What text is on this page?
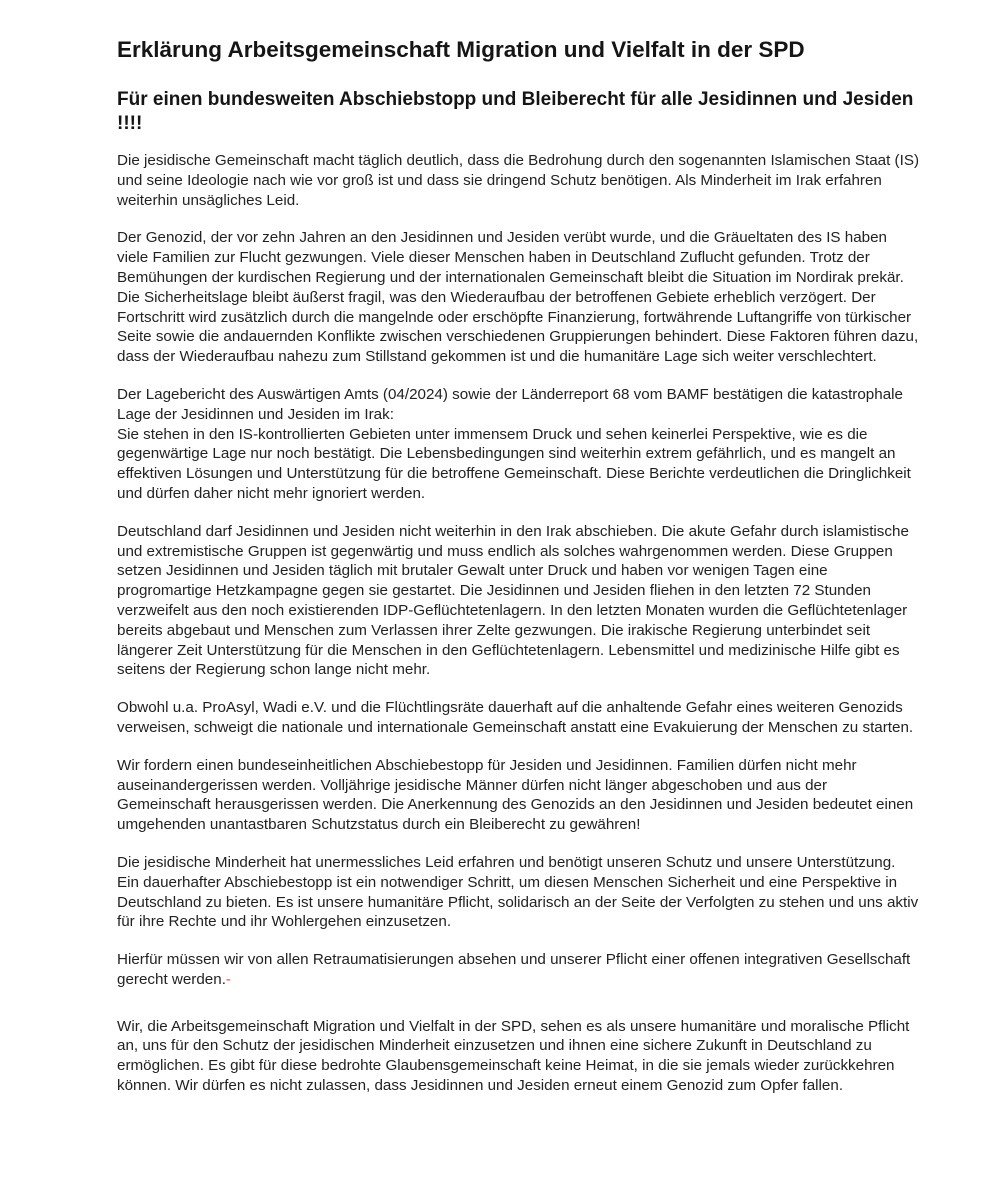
Erklärung Arbeitsgemeinschaft Migration und Vielfalt in der SPD
Für einen bundesweiten Abschiebstopp und Bleiberecht für alle Jesidinnen und Jesiden !!!!

Die jesidische Gemeinschaft macht täglich deutlich, dass die Bedrohung durch den sogenannten Islamischen Staat (IS) und seine Ideologie nach wie vor groß ist und dass sie dringend Schutz benötigen. Als Minderheit im Irak erfahren weiterhin unsägliches Leid.

Der Genozid, der vor zehn Jahren an den Jesidinnen und Jesiden verübt wurde, und die Gräueltaten des IS haben viele Familien zur Flucht gezwungen. Viele dieser Menschen haben in Deutschland Zuflucht gefunden. Trotz der Bemühungen der kurdischen Regierung und der internationalen Gemeinschaft bleibt die Situation im Nordirak prekär. Die Sicherheitslage bleibt äußerst fragil, was den Wiederaufbau der betroffenen Gebiete erheblich verzögert. Der Fortschritt wird zusätzlich durch die mangelnde oder erschöpfte Finanzierung, fortwährende Luftangriffe von türkischer Seite sowie die andauernden Konflikte zwischen verschiedenen Gruppierungen behindert. Diese Faktoren führen dazu, dass der Wiederaufbau nahezu zum Stillstand gekommen ist und die humanitäre Lage sich weiter verschlechtert.

Der Lagebericht des Auswärtigen Amts (04/2024) sowie der Länderreport 68 vom BAMF bestätigen die katastrophale Lage der Jesidinnen und Jesiden im Irak:
Sie stehen in den IS-kontrollierten Gebieten unter immensem Druck und sehen keinerlei Perspektive, wie es die gegenwärtige Lage nur noch bestätigt. Die Lebensbedingungen sind weiterhin extrem gefährlich, und es mangelt an effektiven Lösungen und Unterstützung für die betroffene Gemeinschaft. Diese Berichte verdeutlichen die Dringlichkeit und dürfen daher nicht mehr ignoriert werden.

Deutschland darf Jesidinnen und Jesiden nicht weiterhin in den Irak abschieben. Die akute Gefahr durch islamistische und extremistische Gruppen ist gegenwärtig und muss endlich als solches wahrgenommen werden. Diese Gruppen setzen Jesidinnen und Jesiden täglich mit brutaler Gewalt unter Druck und haben vor wenigen Tagen eine progromartige Hetzkampagne gegen sie gestartet. Die Jesidinnen und Jesiden fliehen in den letzten 72 Stunden verzweifelt aus den noch existierenden IDP-Geflüchtetenlagern. In den letzten Monaten wurden die Geflüchtetenlager bereits abgebaut und Menschen zum Verlassen ihrer Zelte gezwungen. Die irakische Regierung unterbindet seit längerer Zeit Unterstützung für die Menschen in den Geflüchtetenlagern. Lebensmittel und medizinische Hilfe gibt es seitens der Regierung schon lange nicht mehr.

Obwohl u.a. ProAsyl, Wadi e.V. und die Flüchtlingsräte dauerhaft auf die anhaltende Gefahr eines weiteren Genozids verweisen, schweigt die nationale und internationale Gemeinschaft anstatt eine Evakuierung der Menschen zu starten.

Wir fordern einen bundeseinheitlichen Abschiebestopp für Jesiden und Jesidinnen. Familien dürfen nicht mehr auseinandergerissen werden. Volljährige jesidische Männer dürfen nicht länger abgeschoben und aus der Gemeinschaft herausgerissen werden. Die Anerkennung des Genozids an den Jesidinnen und Jesiden bedeutet einen umgehenden unantastbaren Schutzstatus durch ein Bleiberecht zu gewähren!

Die jesidische Minderheit hat unermessliches Leid erfahren und benötigt unseren Schutz und unsere Unterstützung. Ein dauerhafter Abschiebestopp ist ein notwendiger Schritt, um diesen Menschen Sicherheit und eine Perspektive in Deutschland zu bieten. Es ist unsere humanitäre Pflicht, solidarisch an der Seite der Verfolgten zu stehen und uns aktiv für ihre Rechte und ihr Wohlergehen einzusetzen.

Hierfür müssen wir von allen Retraumatisierungen absehen und unserer Pflicht einer offenen integrativen Gesellschaft gerecht werden.-

Wir, die Arbeitsgemeinschaft Migration und Vielfalt in der SPD, sehen es als unsere humanitäre und moralische Pflicht an, uns für den Schutz der jesidischen Minderheit einzusetzen und ihnen eine sichere Zukunft in Deutschland zu ermöglichen. Es gibt für diese bedrohte Glaubensgemeinschaft keine Heimat, in die sie jemals wieder zurückkehren können. Wir dürfen es nicht zulassen, dass Jesidinnen und Jesiden erneut einem Genozid zum Opfer fallen.
